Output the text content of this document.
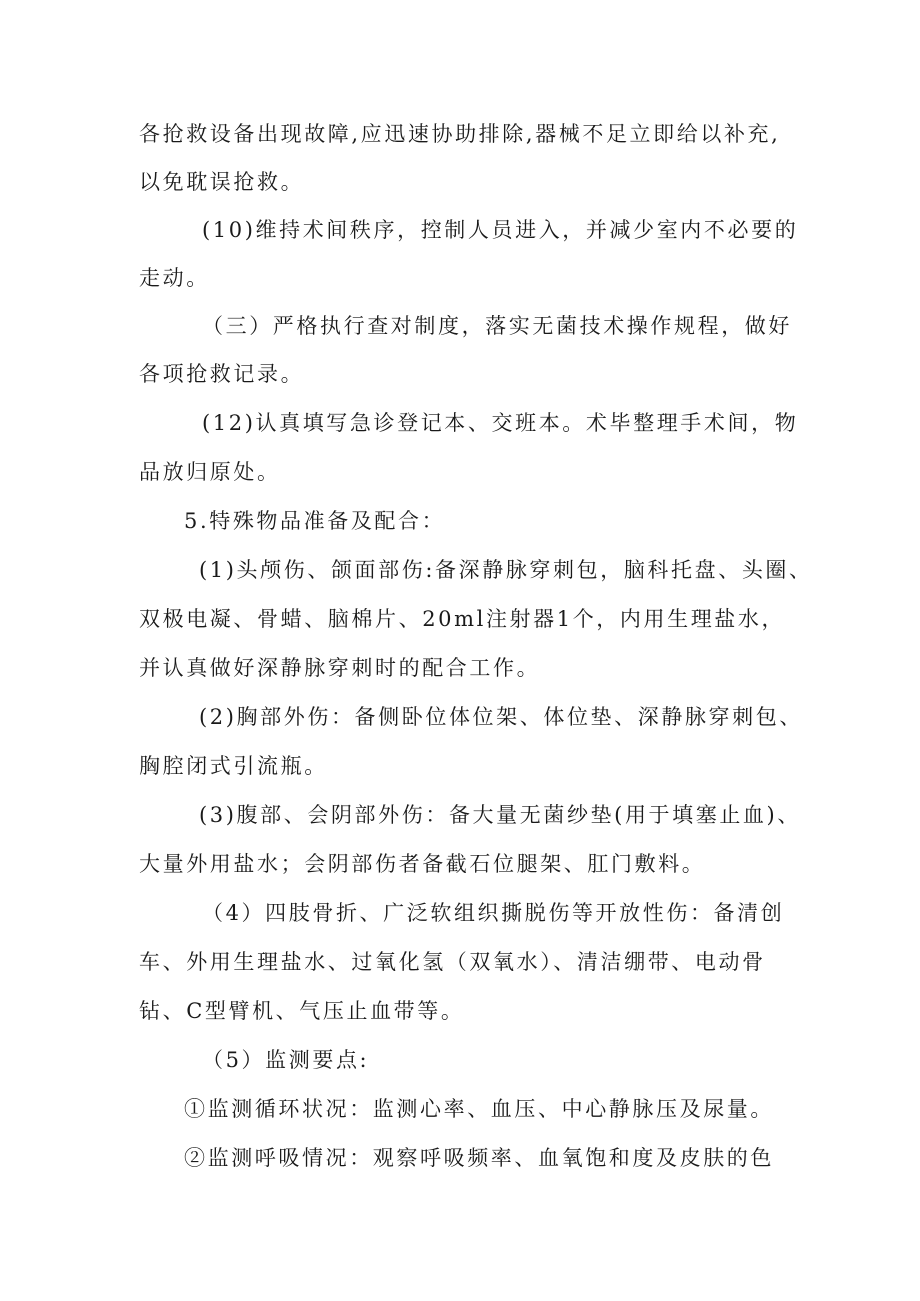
各抢救设备出现故障,应迅速协助排除,器械不足立即给以补充,
以免耽误抢救。
(10)维持术间秩序，控制人员进入，并减少室内不必要的
走动。
（三）严格执行查对制度，落实无菌技术操作规程，做好
各项抢救记录。
(12)认真填写急诊登记本、交班本。术毕整理手术间，物
品放归原处。
5.特殊物品准备及配合：
(1)头颅伤、颌面部伤:备深静脉穿刺包，脑科托盘、头圈、
双极电凝、骨蜡、脑棉片、20ml注射器1个，内用生理盐水，
并认真做好深静脉穿刺时的配合工作。
(2)胸部外伤：备侧卧位体位架、体位垫、深静脉穿刺包、
胸腔闭式引流瓶。
(3)腹部、会阴部外伤：备大量无菌纱垫(用于填塞止血)、
大量外用盐水；会阴部伤者备截石位腿架、肛门敷料。
（4）四肢骨折、广泛软组织撕脱伤等开放性伤：备清创
车、外用生理盐水、过氧化氢（双氧水）、清洁绷带、电动骨
钻、C型臂机、气压止血带等。
（5）监测要点:
①监测循环状况：监测心率、血压、中心静脉压及尿量。
②监测呼吸情况：观察呼吸频率、血氧饱和度及皮肤的色
